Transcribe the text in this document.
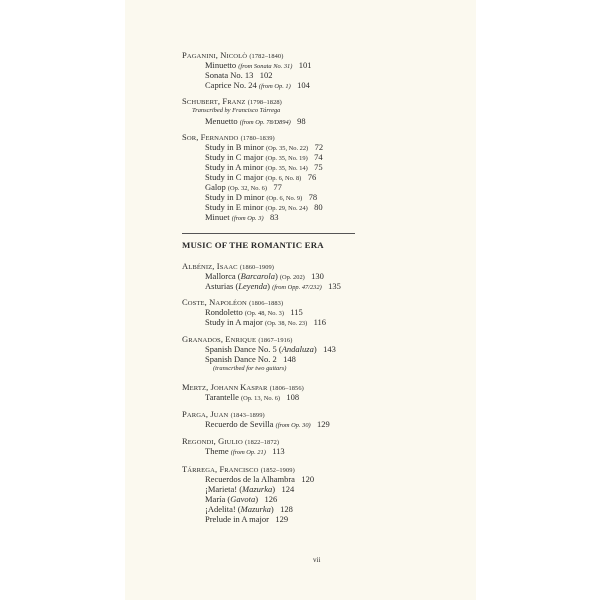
PAGANINI, NICOLÒ (1782–1840)
Minuetto (from Sonata No. 31) 101
Sonata No. 13 102
Caprice No. 24 (from Op. 1) 104
SCHUBERT, FRANZ (1798–1828)
Transcribed by Francisco Tárrega
Menuetto (from Op. 78/D894) 98
SOR, FERNANDO (1780–1839)
Study in B minor (Op. 35, No. 22) 72
Study in C major (Op. 35, No. 19) 74
Study in A minor (Op. 35, No. 14) 75
Study in C major (Op. 6, No. 8) 76
Galop (Op. 32, No. 6) 77
Study in D minor (Op. 6, No. 9) 78
Study in E minor (Op. 29, No. 24) 80
Minuet (from Op. 3) 83
MUSIC OF THE ROMANTIC ERA
ALBÉNIZ, ISAAC (1860–1909)
Mallorca (Barcarola) (Op. 202) 130
Asturias (Leyenda) (from Opp. 47/232) 135
COSTE, NAPOLÉON (1806–1883)
Rondoletto (Op. 48, No. 3) 115
Study in A major (Op. 38, No. 23) 116
GRANADOS, ENRIQUE (1867–1916)
Spanish Dance No. 5 (Andaluza) 143
Spanish Dance No. 2 148
(transcribed for two guitars)
MERTZ, JOHANN KASPAR (1806–1856)
Tarantelle (Op. 13, No. 6) 108
PARGA, JUAN (1843–1899)
Recuerdo de Sevilla (from Op. 30) 129
REGONDI, GIULIO (1822–1872)
Theme (from Op. 21) 113
TÁRREGA, FRANCISCO (1852–1909)
Recuerdos de la Alhambra 120
¡Marieta! (Mazurka) 124
María (Gavota) 126
¡Adelita! (Mazurka) 128
Prelude in A major 129
vii
